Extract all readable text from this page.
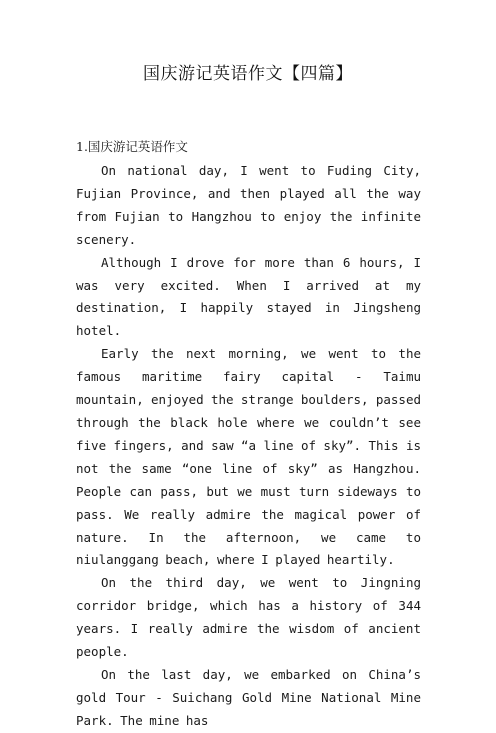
国庆游记英语作文【四篇】
1.国庆游记英语作文

On national day, I went to Fuding City, Fujian Province, and then played all the way from Fujian to Hangzhou to enjoy the infinite scenery.

Although I drove for more than 6 hours, I was very excited. When I arrived at my destination, I happily stayed in Jingsheng hotel.

Early the next morning, we went to the famous maritime fairy capital - Taimu mountain, enjoyed the strange boulders, passed through the black hole where we couldn’t see five fingers, and saw “a line of sky”. This is not the same “one line of sky” as Hangzhou. People can pass, but we must turn sideways to pass. We really admire the magical power of nature. In the afternoon, we came to niulanggang beach, where I played heartily.

On the third day, we went to Jingning corridor bridge, which has a history of 344 years. I really admire the wisdom of ancient people.

On the last day, we embarked on China’s gold Tour - Suichang Gold Mine National Mine Park. The mine has
